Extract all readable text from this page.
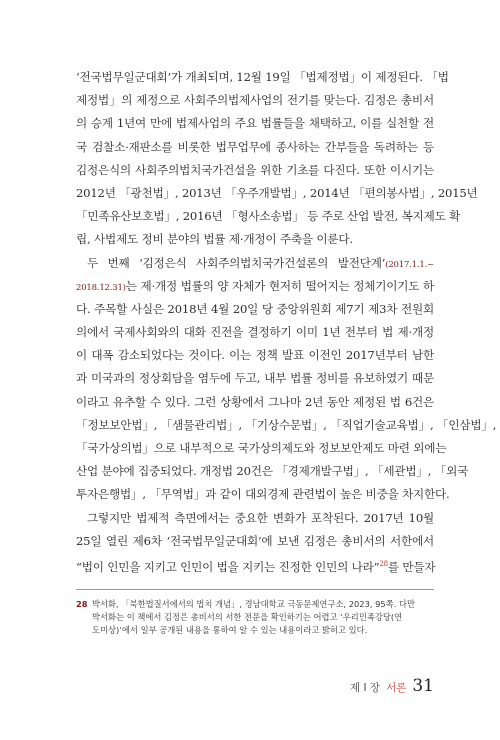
‘전국법무일군대회’가 개최되며, 12월 19일 「법제정법」이 제정된다. 「법
제정법」의 제정으로 사회주의법제사업의 전기를 맞는다. 김정은 총비서
의 승계 1년여 만에 법제사업의 주요 법률들을 채택하고, 이를 실천할 전
국 검찰소·재판소를 비롯한 법무업무에 종사하는 간부들을 독려하는 등
김정은식의 사회주의법치국가건설을 위한 기초를 다진다. 또한 이시기는
2012년 「광천법」, 2013년 「우주개발법」, 2014년 「편의봉사법」, 2015년
「민족유산보호법」, 2016년 「형사소송법」 등 주로 산업 발전, 복지제도 확
립, 사법제도 정비 분야의 법률 제·개정이 주축을 이룬다.
두 번째 ‘김정은식 사회주의법치국가건설론의 발전단계’(2017.1.1.~
2018.12.31)는 제·개정 법률의 양 자체가 현저히 떨어지는 정체기이기도 하
다. 주목할 사실은 2018년 4월 20일 당 중앙위원회 제7기 제3차 전원회
의에서 국제사회와의 대화 진전을 결정하기 이미 1년 전부터 법 제·개정
이 대폭 감소되었다는 것이다. 이는 정책 발표 이전인 2017년부터 남한
과 미국과의 정상회담을 염두에 두고, 내부 법률 정비를 유보하였기 때문
이라고 유추할 수 있다. 그런 상황에서 그나마 2년 동안 제정된 법 6건은
「정보보안법」, 「샘물관리법」, 「기상수문법」, 「직업기술교육법」, 「인삼법」,
「국가상의법」으로 내부적으로 국가상의제도와 정보보안제도 마련 외에는
산업 분야에 집중되었다. 개정법 20건은 「경제개발구법」, 「세관법」, 「외국
투자은행법」, 「무역법」과 같이 대외경제 관련법이 높은 비중을 차지한다.
그렇지만 법제적 측면에서는 중요한 변화가 포착된다. 2017년 10월
25일 열린 제6차 ‘전국법무일군대회’에 보낸 김정은 총비서의 서한에서
“법이 인민을 지키고 인민이 법을 지키는 진정한 인민의 나라”$^{28}$를 만들자
28 박서화, 「북한법질서에서의 법치 개념」, 경남대학교 극동문제연구소, 2023, 95쪽. 다만
박서화는 이 책에서 김정은 총비서의 서한 전문을 확인하기는 어렵고 ‘우리민족강당(연
도미상)’에서 일부 공개된 내용을 통하여 알 수 있는 내용이라고 밝히고 있다.
제 I 장 서론 31
